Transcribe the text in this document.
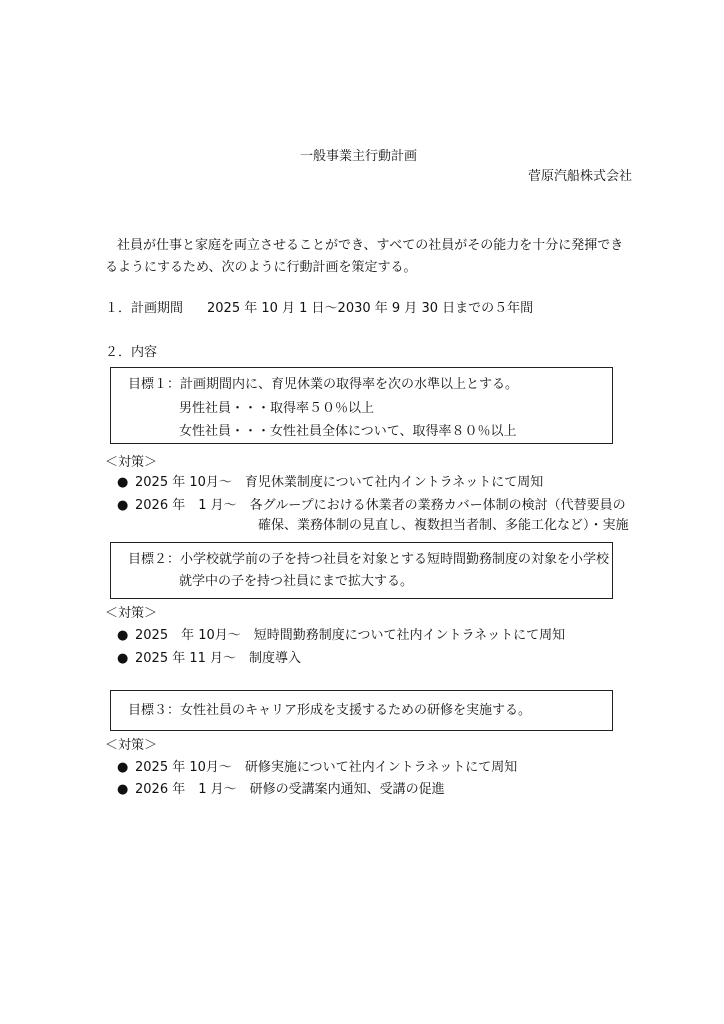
一般事業主行動計画
菅原汽船株式会社
社員が仕事と家庭を両立させることができ、すべての社員がその能力を十分に発揮でき
るようにするため、次のように行動計画を策定する。
１．計画期間 2025 年 10 月 1 日～2030 年 9 月 30 日までの５年間
２．内容
目標１：計画期間内に、育児休業の取得率を次の水準以上とする。
男性社員・・・取得率５０％以上
女性社員・・・女性社員全体について、取得率８０％以上
＜対策＞
● 2025 年 10月～　育児休業制度について社内イントラネットにて周知
● 2026 年　1 月～　各グループにおける休業者の業務カバー体制の検討（代替要員の
確保、業務体制の見直し、複数担当者制、多能工化など）・実施
目標２：小学校就学前の子を持つ社員を対象とする短時間勤務制度の対象を小学校
就学中の子を持つ社員にまで拡大する。
＜対策＞
● 2025　年 10月～　短時間勤務制度について社内イントラネットにて周知
● 2025 年 11 月～　制度導入
目標３：女性社員のキャリア形成を支援するための研修を実施する。
＜対策＞
● 2025 年 10月～　研修実施について社内イントラネットにて周知
● 2026 年　1 月～　研修の受講案内通知、受講の促進
